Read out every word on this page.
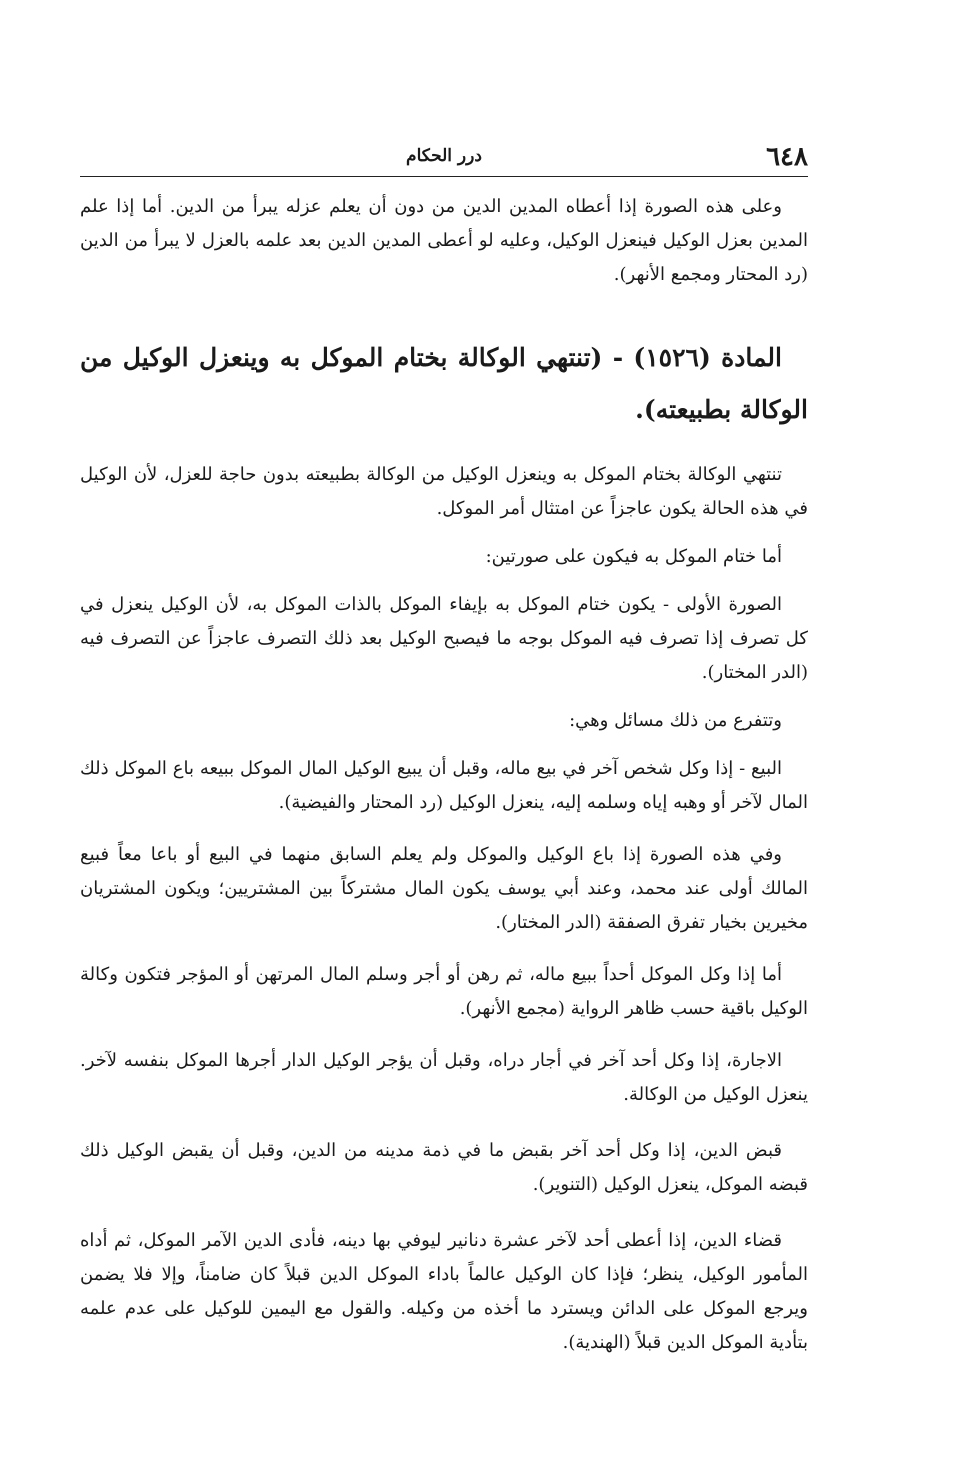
٦٤٨
درر الحكام

وعلى هذه الصورة إذا أعطاه المدين الدين من دون أن يعلم عزله يبرأ من الدين. أما إذا علم المدين بعزل الوكيل فينعزل الوكيل، وعليه لو أعطى المدين الدين بعد علمه بالعزل لا يبرأ من الدين (رد المحتار ومجمع الأنهر).

المادة (١٥٢٦) - (تنتهي الوكالة بختام الموكل به وينعزل الوكيل من الوكالة بطبيعته).

تنتهي الوكالة بختام الموكل به وينعزل الوكيل من الوكالة بطبيعته بدون حاجة للعزل، لأن الوكيل في هذه الحالة يكون عاجزاً عن امتثال أمر الموكل.

أما ختام الموكل به فيكون على صورتين:

الصورة الأولى - يكون ختام الموكل به بإيفاء الموكل بالذات الموكل به، لأن الوكيل ينعزل في كل تصرف إذا تصرف فيه الموكل بوجه ما فيصبح الوكيل بعد ذلك التصرف عاجزاً عن التصرف فيه (الدر المختار).

وتتفرع من ذلك مسائل وهي:

البيع - إذا وكل شخص آخر في بيع ماله، وقبل أن يبيع الوكيل المال الموكل ببيعه باع الموكل ذلك المال لآخر أو وهبه إياه وسلمه إليه، ينعزل الوكيل (رد المحتار والفيضية).

وفي هذه الصورة إذا باع الوكيل والموكل ولم يعلم السابق منهما في البيع أو باعا معاً فبيع المالك أولى عند محمد، وعند أبي يوسف يكون المال مشتركاً بين المشتريين؛ ويكون المشتريان مخيرين بخيار تفرق الصفقة (الدر المختار).

أما إذا وكل الموكل أحداً ببيع ماله، ثم رهن أو أجر وسلم المال المرتهن أو المؤجر فتكون وكالة الوكيل باقية حسب ظاهر الرواية (مجمع الأنهر).

الاجارة، إذا وكل أحد آخر في أجار دراه، وقبل أن يؤجر الوكيل الدار أجرها الموكل بنفسه لآخر. ينعزل الوكيل من الوكالة.

قبض الدين، إذا وكل أحد آخر بقبض ما في ذمة مدينه من الدين، وقبل أن يقبض الوكيل ذلك قبضه الموكل، ينعزل الوكيل (التنوير).

قضاء الدين، إذا أعطى أحد لآخر عشرة دنانير ليوفي بها دينه، فأدى الدين الآمر الموكل، ثم أداه المأمور الوكيل، ينظر؛ فإذا كان الوكيل عالماً باداء الموكل الدين قبلاً كان ضامناً، وإلا فلا يضمن ويرجع الموكل على الدائن ويسترد ما أخذه من وكيله. والقول مع اليمين للوكيل على عدم علمه بتأدية الموكل الدين قبلاً (الهندية).
